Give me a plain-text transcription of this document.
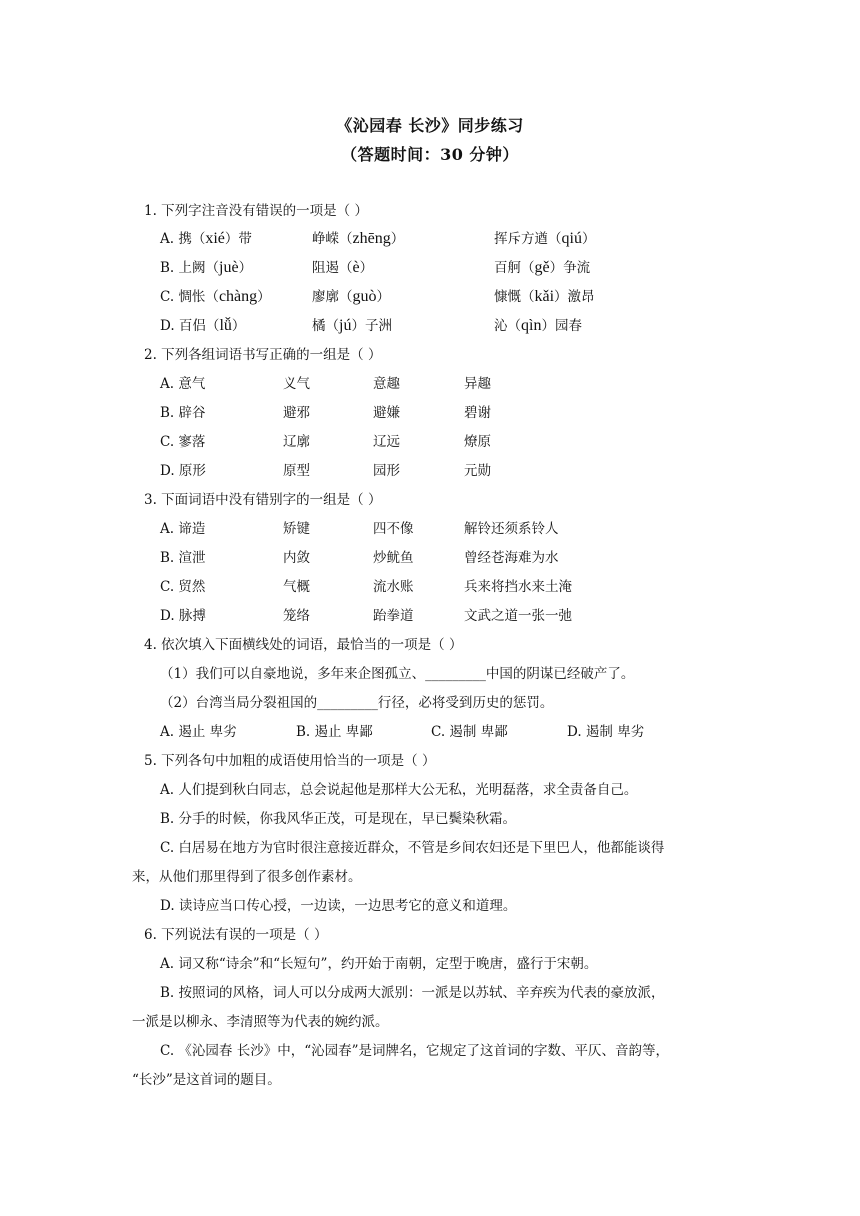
《沁园春 长沙》同步练习
（答题时间：30 分钟）
1. 下列字注音没有错误的一项是（ ）
A. 携（xié）带	峥嵘（zhēng）	挥斥方遒（qiú）
B. 上阙（juè）	阻遏（è）	百舸（gě）争流
C. 惆怅（chàng）	廖廓（guò）	慷慨（kǎi）激昂
D. 百侣（lǚ）	橘（jú）子洲	沁（qìn）园春
2. 下列各组词语书写正确的一组是（ ）
A. 意气	义气	意趣	异趣
B. 辟谷	避邪	避嫌	碧谢
C. 寥落	辽廓	辽远	燎原
D. 原形	原型	园形	元勋
3. 下面词语中没有错别字的一组是（ ）
A. 谛造	矫键	四不像	解铃还须系铃人
B. 渲泄	内敛	炒鱿鱼	曾经苍海难为水
C. 贸然	气概	流水账	兵来将挡水来土淹
D. 脉搏	笼络	跆拳道	文武之道一张一弛
4. 依次填入下面横线处的词语，最恰当的一项是（ ）
（1）我们可以自豪地说，多年来企图孤立、_________中国的阴谋已经破产了。
（2）台湾当局分裂祖国的_________行径，必将受到历史的惩罚。
A. 遏止 卑劣	B. 遏止 卑鄙	C. 遏制 卑鄙	D. 遏制 卑劣
5. 下列各句中加粗的成语使用恰当的一项是（ ）
A. 人们提到秋白同志，总会说起他是那样大公无私，光明磊落，求全责备自己。
B. 分手的时候，你我风华正茂，可是现在，早已鬓染秋霜。
C. 白居易在地方为官时很注意接近群众，不管是乡间农妇还是下里巴人，他都能谈得
来，从他们那里得到了很多创作素材。
D. 读诗应当口传心授，一边读，一边思考它的意义和道理。
6. 下列说法有误的一项是（ ）
A. 词又称“诗余”和“长短句”，约开始于南朝，定型于晚唐，盛行于宋朝。
B. 按照词的风格，词人可以分成两大派别：一派是以苏轼、辛弃疾为代表的豪放派，
一派是以柳永、李清照等为代表的婉约派。
C. 《沁园春 长沙》中，“沁园春”是词牌名，它规定了这首词的字数、平仄、音韵等，
“长沙”是这首词的题目。
